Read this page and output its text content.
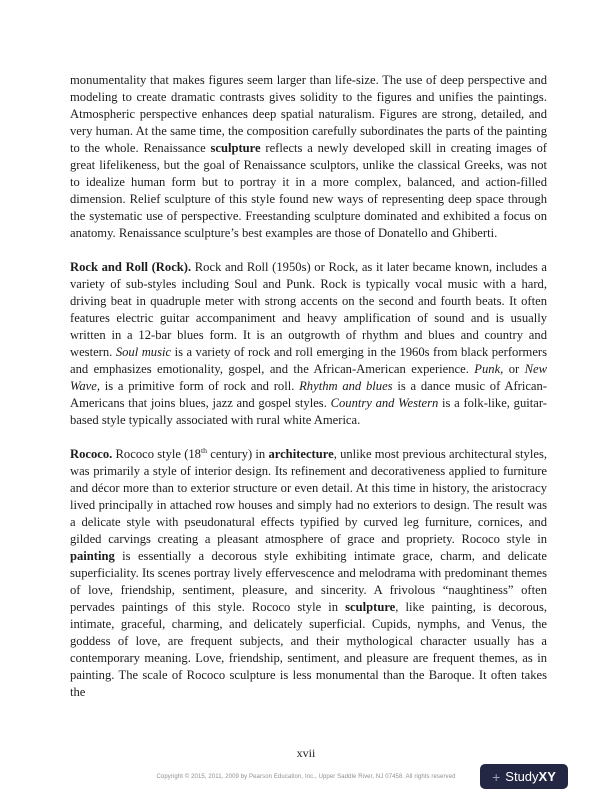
monumentality that makes figures seem larger than life-size. The use of deep perspective and modeling to create dramatic contrasts gives solidity to the figures and unifies the paintings. Atmospheric perspective enhances deep spatial naturalism. Figures are strong, detailed, and very human. At the same time, the composition carefully subordinates the parts of the painting to the whole. Renaissance sculpture reflects a newly developed skill in creating images of great lifelikeness, but the goal of Renaissance sculptors, unlike the classical Greeks, was not to idealize human form but to portray it in a more complex, balanced, and action-filled dimension. Relief sculpture of this style found new ways of representing deep space through the systematic use of perspective. Freestanding sculpture dominated and exhibited a focus on anatomy. Renaissance sculpture’s best examples are those of Donatello and Ghiberti.

Rock and Roll (Rock). Rock and Roll (1950s) or Rock, as it later became known, includes a variety of sub-styles including Soul and Punk. Rock is typically vocal music with a hard, driving beat in quadruple meter with strong accents on the second and fourth beats. It often features electric guitar accompaniment and heavy amplification of sound and is usually written in a 12-bar blues form. It is an outgrowth of rhythm and blues and country and western. Soul music is a variety of rock and roll emerging in the 1960s from black performers and emphasizes emotionality, gospel, and the African-American experience. Punk, or New Wave, is a primitive form of rock and roll. Rhythm and blues is a dance music of African-Americans that joins blues, jazz and gospel styles. Country and Western is a folk-like, guitar-based style typically associated with rural white America.

Rococo. Rococo style (18th century) in architecture, unlike most previous architectural styles, was primarily a style of interior design. Its refinement and decorativeness applied to furniture and décor more than to exterior structure or even detail. At this time in history, the aristocracy lived principally in attached row houses and simply had no exteriors to design. The result was a delicate style with pseudonatural effects typified by curved leg furniture, cornices, and gilded carvings creating a pleasant atmosphere of grace and propriety. Rococo style in painting is essentially a decorous style exhibiting intimate grace, charm, and delicate superficiality. Its scenes portray lively effervescence and melodrama with predominant themes of love, friendship, sentiment, pleasure, and sincerity. A frivolous “naughtiness” often pervades paintings of this style. Rococo style in sculpture, like painting, is decorous, intimate, graceful, charming, and delicately superficial. Cupids, nymphs, and Venus, the goddess of love, are frequent subjects, and their mythological character usually has a contemporary meaning. Love, friendship, sentiment, and pleasure are frequent themes, as in painting. The scale of Rococo sculpture is less monumental than the Baroque. It often takes the

xvii
Copyright © 2015, 2011, 2009 by Pearson Education, Inc., Upper Saddle River, NJ 07458. All rights reserved	+ StudyXY
